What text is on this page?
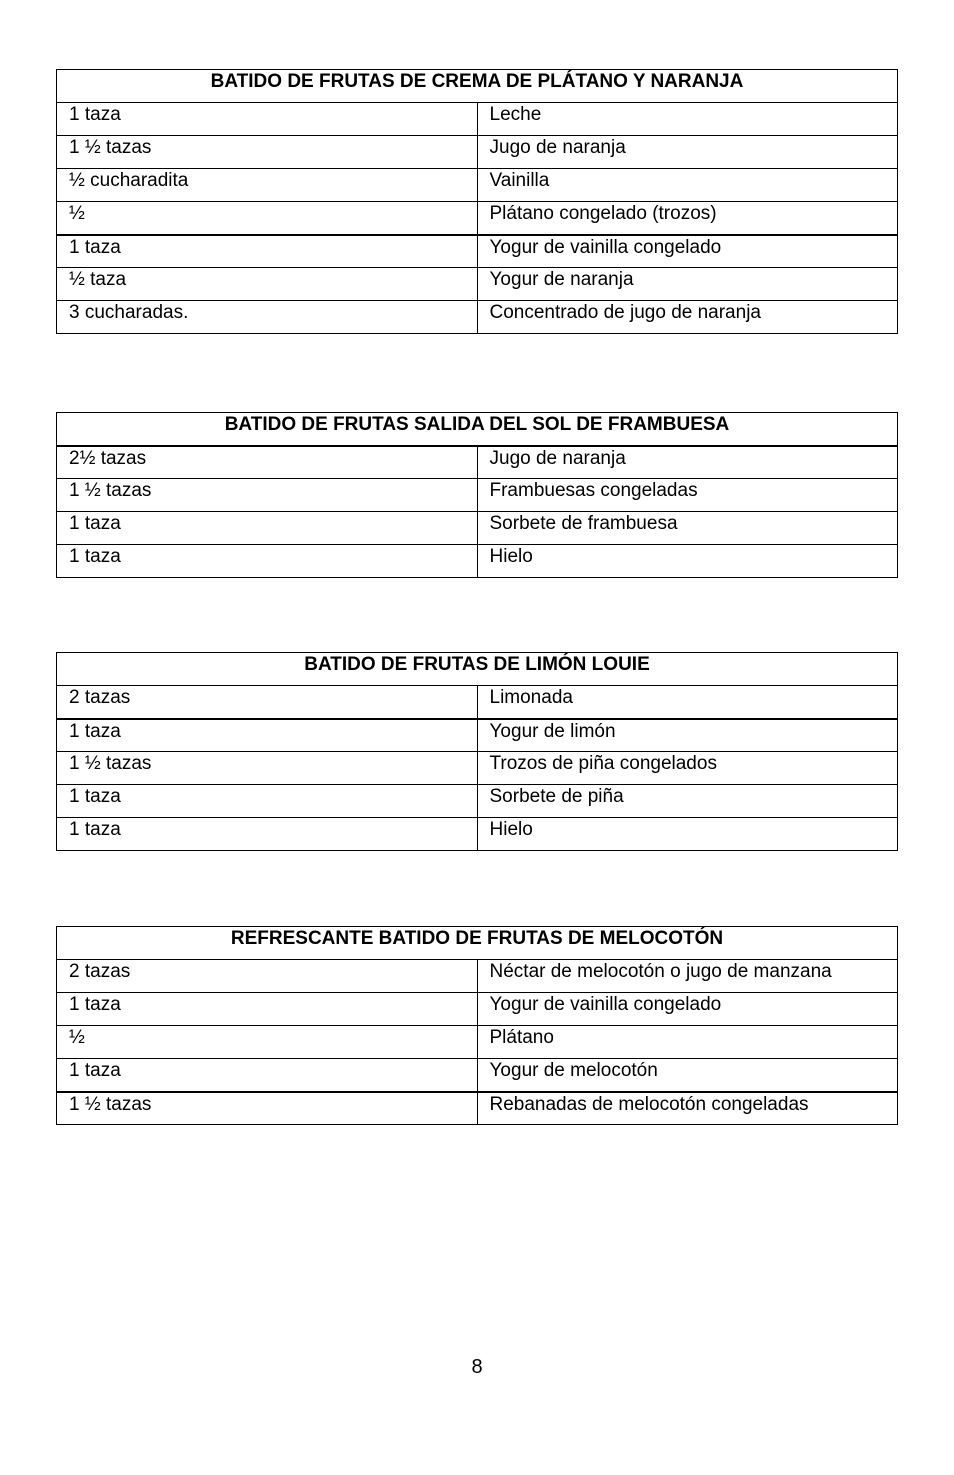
BATIDO DE FRUTAS DE CREMA DE PLÁTANO Y NARANJA	
1 taza	Leche
1 ½ tazas	Jugo de naranja
½ cucharadita	Vainilla
½	Plátano congelado (trozos)
1 taza	Yogur de vainilla congelado
½ taza	Yogur de naranja
3 cucharadas.	Concentrado de jugo de naranja
BATIDO DE FRUTAS SALIDA DEL SOL DE FRAMBUESA	
2½ tazas	Jugo de naranja
1 ½ tazas	Frambuesas congeladas
1 taza	Sorbete de frambuesa
1 taza	Hielo
BATIDO DE FRUTAS DE LIMÓN LOUIE	
2 tazas	Limonada
1 taza	Yogur de limón
1 ½ tazas	Trozos de piña congelados
1 taza	Sorbete de piña
1 taza	Hielo
REFRESCANTE BATIDO DE FRUTAS DE MELOCOTÓN	
2 tazas	Néctar de melocotón o jugo de manzana
1 taza	Yogur de vainilla congelado
½	Plátano
1 taza	Yogur de melocotón
1 ½ tazas	Rebanadas de melocotón congeladas
8
